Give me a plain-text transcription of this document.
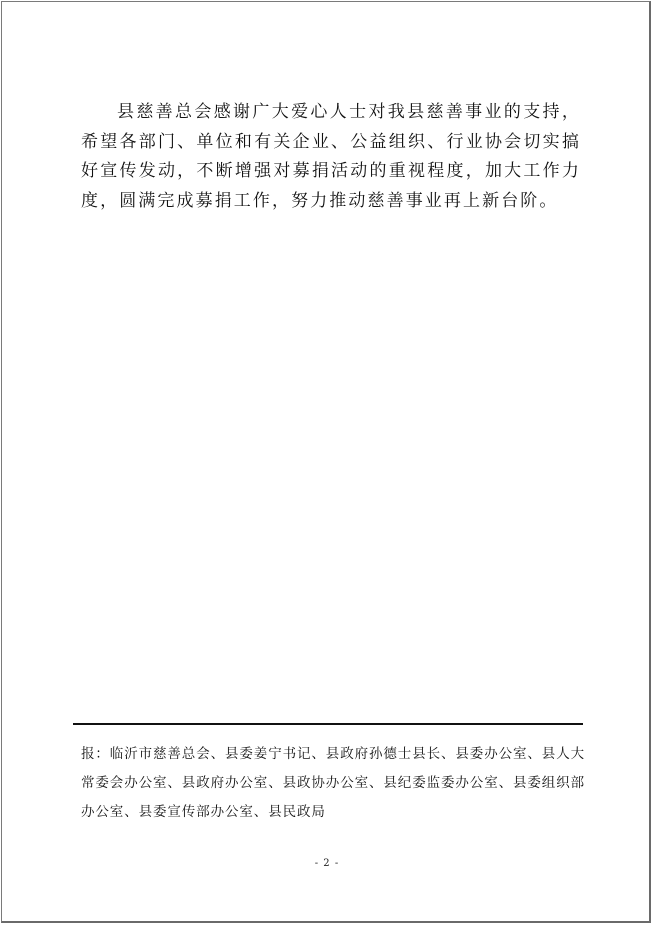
县慈善总会感谢广大爱心人士对我县慈善事业的支持，希望各部门、单位和有关企业、公益组织、行业协会切实搞好宣传发动，不断增强对募捐活动的重视程度，加大工作力度，圆满完成募捐工作，努力推动慈善事业再上新台阶。

报：临沂市慈善总会、县委姜宁书记、县政府孙德士县长、县委办公室、县人大常委会办公室、县政府办公室、县政协办公室、县纪委监委办公室、县委组织部办公室、县委宣传部办公室、县民政局

- 2 -
